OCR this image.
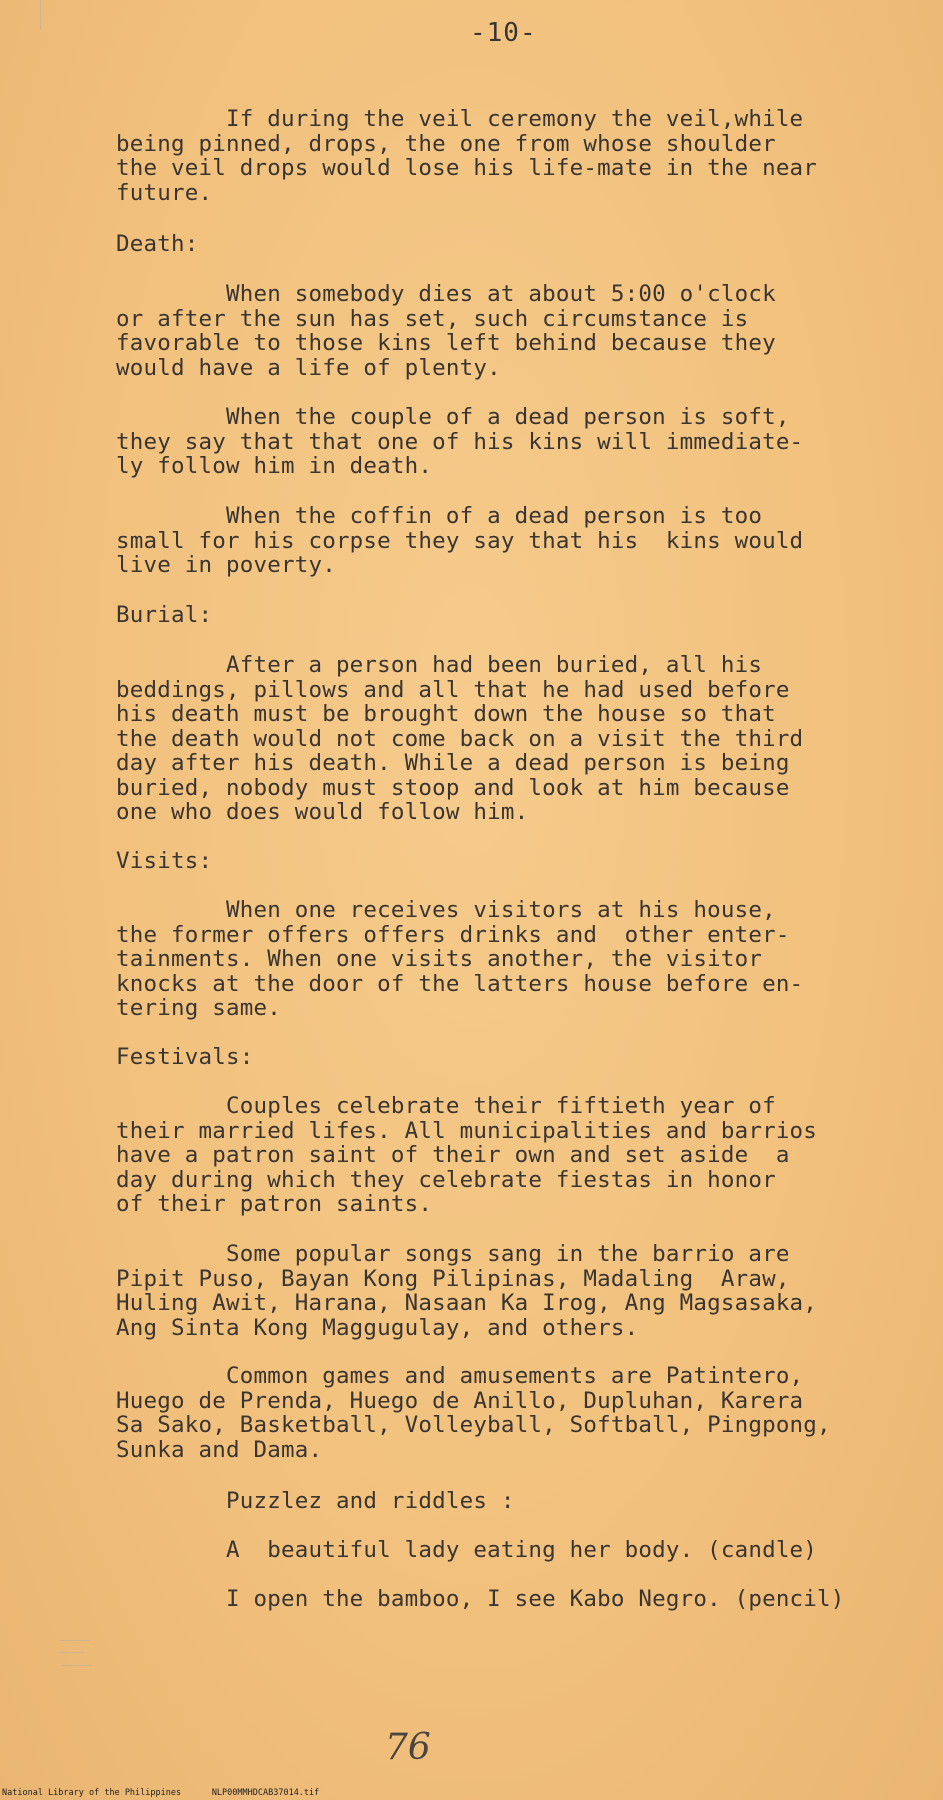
-10-
If during the veil ceremony the veil,while
being pinned, drops, the one from whose shoulder
the veil drops would lose his life-mate in the near
future.
Death:
When somebody dies at about 5:00 o'clock
or after the sun has set, such circumstance is
favorable to those kins left behind because they
would have a life of plenty.
When the couple of a dead person is soft,
they say that that one of his kins will immediate-
ly follow him in death.
When the coffin of a dead person is too
small for his corpse they say that his  kins would
live in poverty.
Burial:
After a person had been buried, all his
beddings, pillows and all that he had used before
his death must be brought down the house so that
the death would not come back on a visit the third
day after his death. While a dead person is being
buried, nobody must stoop and look at him because
one who does would follow him.
Visits:
When one receives visitors at his house,
the former offers offers drinks and  other enter-
tainments. When one visits another, the visitor
knocks at the door of the latters house before en-
tering same.
Festivals:
Couples celebrate their fiftieth year of
their married lifes. All municipalities and barrios
have a patron saint of their own and set aside  a
day during which they celebrate fiestas in honor
of their patron saints.
Some popular songs sang in the barrio are
Pipit Puso, Bayan Kong Pilipinas, Madaling  Araw,
Huling Awit, Harana, Nasaan Ka Irog, Ang Magsasaka,
Ang Sinta Kong Maggugulay, and others.
Common games and amusements are Patintero,
Huego de Prenda, Huego de Anillo, Dupluhan, Karera
Sa Sako, Basketball, Volleyball, Softball, Pingpong,
Sunka and Dama.
Puzzlez and riddles :
A  beautiful lady eating her body. (candle)
I open the bamboo, I see Kabo Negro. (pencil)
76
National Library of the Philippines      NLP00MMHDCAB37014.tif
